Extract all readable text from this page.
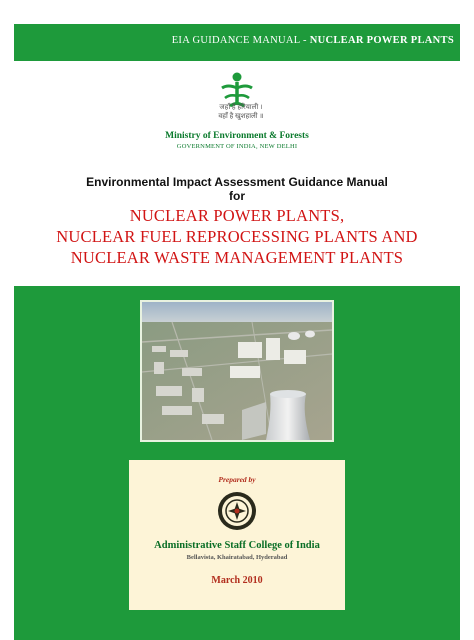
EIA GUIDANCE MANUAL - NUCLEAR POWER PLANTS
जहाँ है हरियाली ।
वहाँ है खुशहाली ॥
Ministry of Environment & Forests
GOVERNMENT OF INDIA, NEW DELHI
Environmental Impact Assessment Guidance Manual
for
NUCLEAR POWER PLANTS,
NUCLEAR FUEL REPROCESSING PLANTS AND
NUCLEAR WASTE MANAGEMENT PLANTS
Prepared by
Administrative Staff College of India
Bellavista, Khairatabad, Hyderabad
March 2010
